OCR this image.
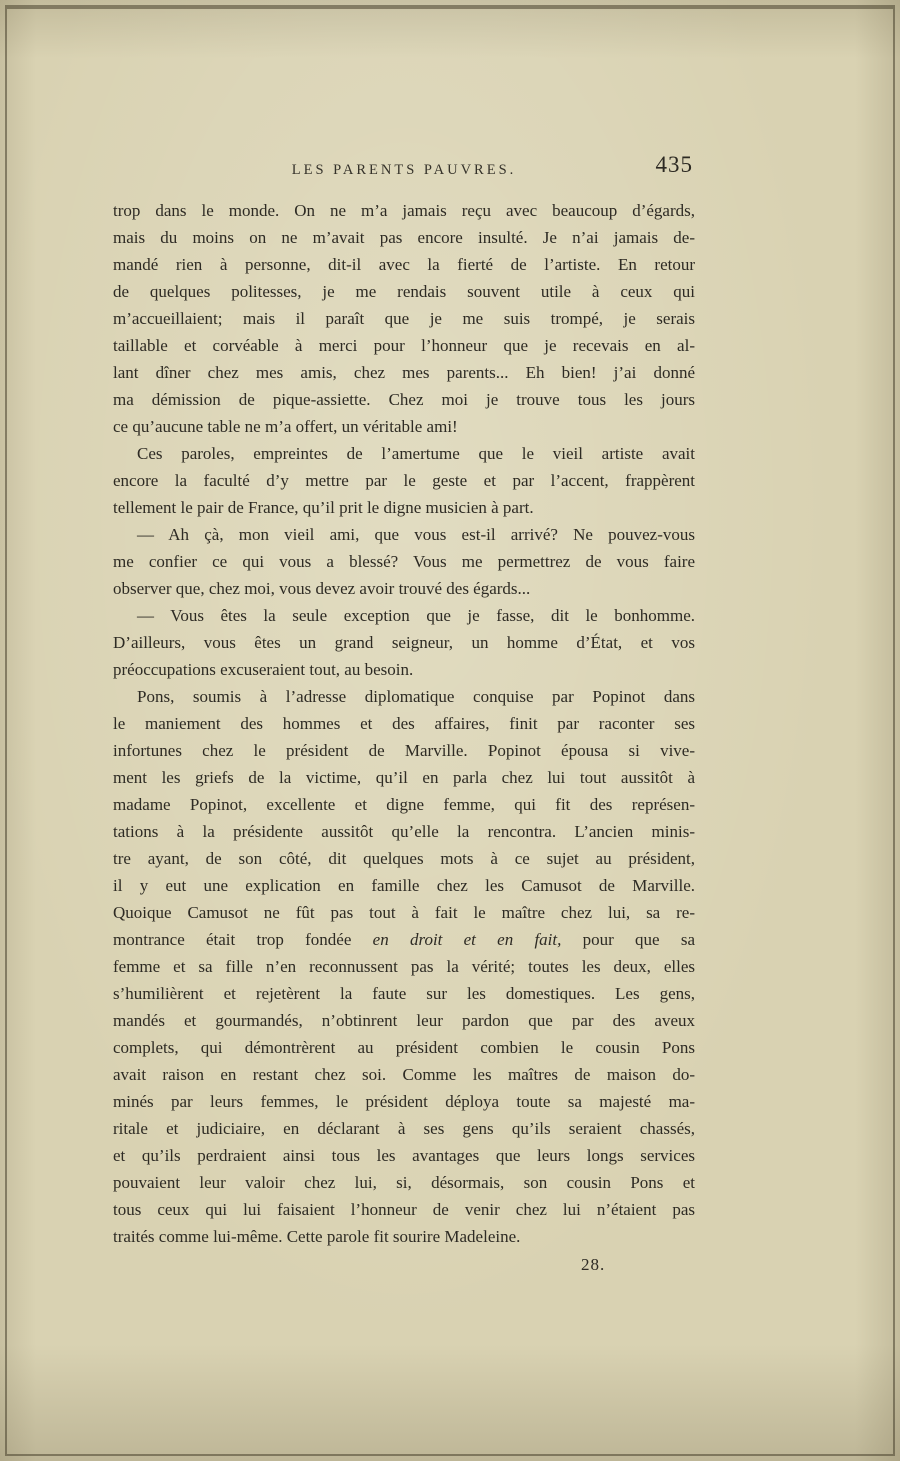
LES PARENTS PAUVRES.	435
trop dans le monde. On ne m’a jamais reçu avec beaucoup d’égards,
mais du moins on ne m’avait pas encore insulté. Je n’ai jamais de-
mandé rien à personne, dit-il avec la fierté de l’artiste. En retour
de quelques politesses, je me rendais souvent utile à ceux qui
m’accueillaient; mais il paraît que je me suis trompé, je serais
taillable et corvéable à merci pour l’honneur que je recevais en al-
lant dîner chez mes amis, chez mes parents... Eh bien! j’ai donné
ma démission de pique-assiette. Chez moi je trouve tous les jours
ce qu’aucune table ne m’a offert, un véritable ami!
Ces paroles, empreintes de l’amertume que le vieil artiste avait
encore la faculté d’y mettre par le geste et par l’accent, frappèrent
tellement le pair de France, qu’il prit le digne musicien à part.
— Ah çà, mon vieil ami, que vous est-il arrivé? Ne pouvez-vous
me confier ce qui vous a blessé? Vous me permettrez de vous faire
observer que, chez moi, vous devez avoir trouvé des égards...
— Vous êtes la seule exception que je fasse, dit le bonhomme.
D’ailleurs, vous êtes un grand seigneur, un homme d’État, et vos
préoccupations excuseraient tout, au besoin.
Pons, soumis à l’adresse diplomatique conquise par Popinot dans
le maniement des hommes et des affaires, finit par raconter ses
infortunes chez le président de Marville. Popinot épousa si vive-
ment les griefs de la victime, qu’il en parla chez lui tout aussitôt à
madame Popinot, excellente et digne femme, qui fit des représen-
tations à la présidente aussitôt qu’elle la rencontra. L’ancien minis-
tre ayant, de son côté, dit quelques mots à ce sujet au président,
il y eut une explication en famille chez les Camusot de Marville.
Quoique Camusot ne fût pas tout à fait le maître chez lui, sa re-
montrance était trop fondée en droit et en fait, pour que sa
femme et sa fille n’en reconnussent pas la vérité; toutes les deux, elles
s’humilièrent et rejetèrent la faute sur les domestiques. Les gens,
mandés et gourmandés, n’obtinrent leur pardon que par des aveux
complets, qui démontrèrent au président combien le cousin Pons
avait raison en restant chez soi. Comme les maîtres de maison do-
minés par leurs femmes, le président déploya toute sa majesté ma-
ritale et judiciaire, en déclarant à ses gens qu’ils seraient chassés,
et qu’ils perdraient ainsi tous les avantages que leurs longs services
pouvaient leur valoir chez lui, si, désormais, son cousin Pons et
tous ceux qui lui faisaient l’honneur de venir chez lui n’étaient pas
traités comme lui-même. Cette parole fit sourire Madeleine.
28.
